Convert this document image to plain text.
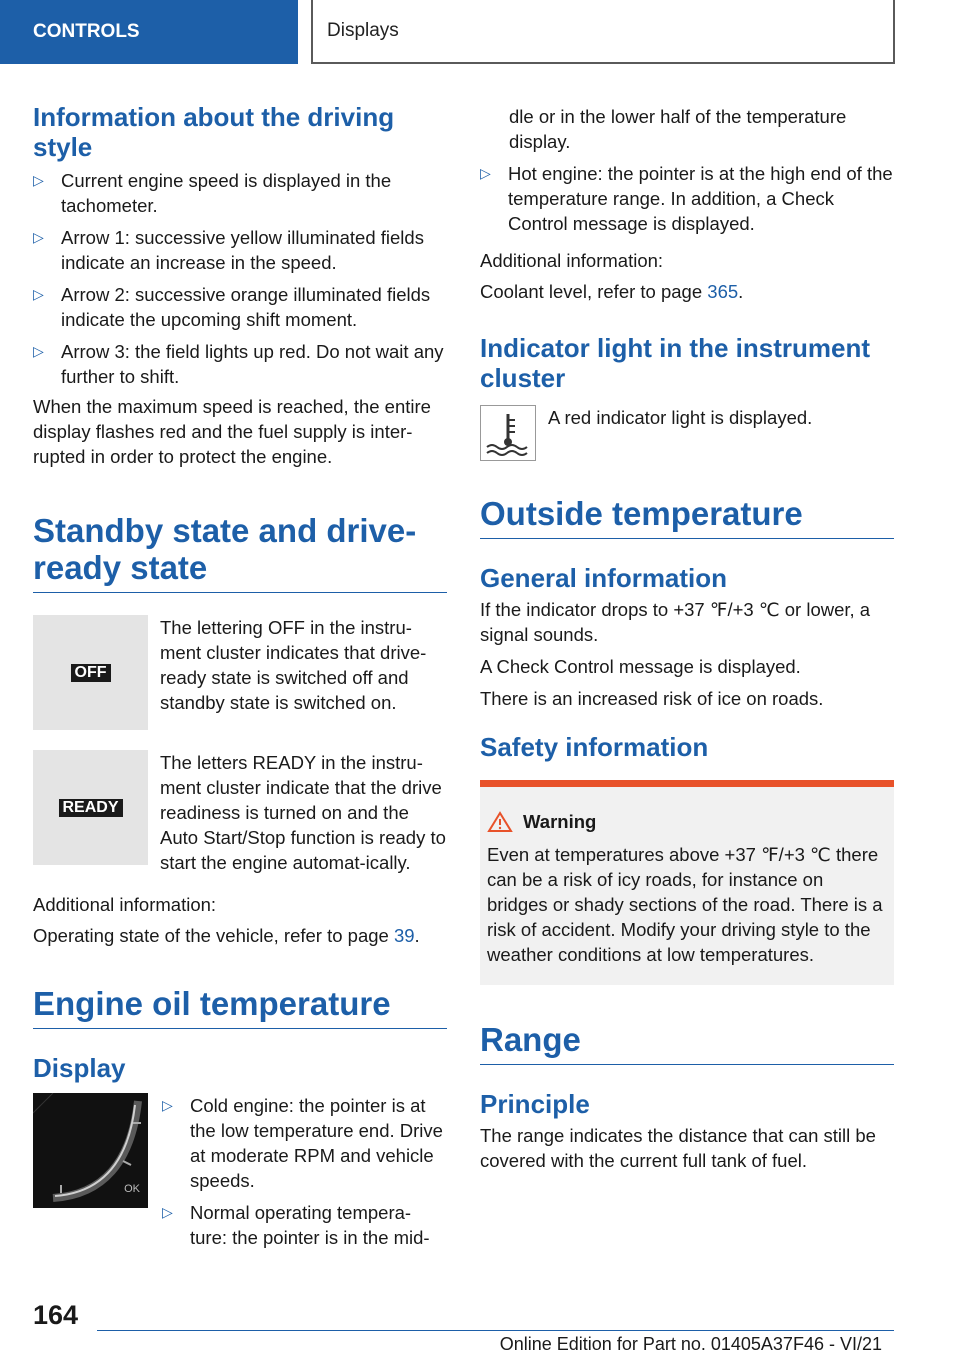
CONTROLS	Displays
Information about the driving style
▷ Current engine speed is displayed in the tachometer.
▷ Arrow 1: successive yellow illuminated fields indicate an increase in the speed.
▷ Arrow 2: successive orange illuminated fields indicate the upcoming shift moment.
▷ Arrow 3: the field lights up red. Do not wait any further to shift.

When the maximum speed is reached, the entire display flashes red and the fuel supply is inter-rupted in order to protect the engine.

Standby state and drive-ready state
OFF

The lettering OFF in the instru-ment cluster indicates that drive-ready state is switched off and standby state is switched on.

READY

The letters READY in the instru-ment cluster indicate that the drive readiness is turned on and the Auto Start/Stop function is ready to start the engine automat-ically.

Additional information:

Operating state of the vehicle, refer to page 39.

Engine oil temperature
Display
OK
▷ Cold engine: the pointer is at the low temperature end. Drive at moderate RPM and vehicle speeds.
▷ Normal operating tempera-ture: the pointer is in the mid-

dle or in the lower half of the temperature display.

▷ Hot engine: the pointer is at the high end of the temperature range. In addition, a Check Control message is displayed.

Additional information:

Coolant level, refer to page 365.

Indicator light in the instrument cluster

A red indicator light is displayed.

Outside temperature
General information

If the indicator drops to +37 ℉/+3 ℃ or lower, a signal sounds.

A Check Control message is displayed.

There is an increased risk of ice on roads.

Safety information
Warning

Even at temperatures above +37 ℉/+3 ℃ there can be a risk of icy roads, for instance on bridges or shady sections of the road. There is a risk of accident. Modify your driving style to the weather conditions at low temperatures.

Range
Principle

The range indicates the distance that can still be covered with the current full tank of fuel.

164
Online Edition for Part no. 01405A37F46 - VI/21
